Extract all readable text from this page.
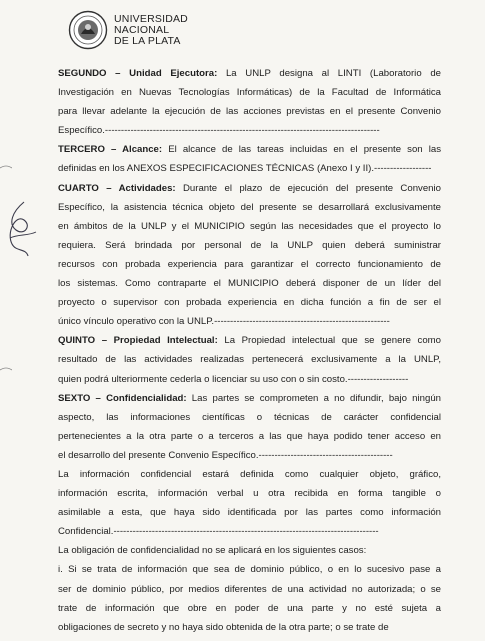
UNIVERSIDAD
NACIONAL
DE LA PLATA

SEGUNDO – Unidad Ejecutora: La UNLP designa al LINTI (Laboratorio de

Investigación en Nuevas Tecnologías Informáticas) de la Facultad de Informática

para llevar adelante la ejecución de las acciones previstas en el presente Convenio

Específico.--------------------------------------------------------------------------------------

TERCERO – Alcance: El alcance de las tareas incluidas en el presente son las

definidas en los ANEXOS ESPECIFICACIONES TÉCNICAS (Anexo I y II).------------------

CUARTO – Actividades: Durante el plazo de ejecución del presente Convenio

Específico, la asistencia técnica objeto del presente se desarrollará exclusivamente

en ámbitos de la UNLP y el MUNICIPIO según las necesidades que el proyecto lo

requiera. Será brindada por personal de la UNLP quien deberá suministrar

recursos con probada experiencia para garantizar el correcto funcionamiento de

los sistemas. Como contraparte el MUNICIPIO deberá disponer de un líder del

proyecto o supervisor con probada experiencia en dicha función a fin de ser el

único vínculo operativo con la UNLP.-------------------------------------------------------

QUINTO – Propiedad Intelectual: La Propiedad intelectual que se genere como

resultado de las actividades realizadas pertenecerá exclusivamente a la UNLP,

quien podrá ulteriormente cederla o licenciar su uso con o sin costo.-------------------

SEXTO – Confidencialidad: Las partes se comprometen a no difundir, bajo ningún

aspecto, las informaciones científicas o técnicas de carácter confidencial

pertenecientes a la otra parte o a terceros a las que haya podido tener acceso en

el desarrollo del presente Convenio Específico.------------------------------------------

La información confidencial estará definida como cualquier objeto, gráfico,

información escrita, información verbal u otra recibida en forma tangible o

asimilable a esta, que haya sido identificada por las partes como información

Confidencial.-----------------------------------------------------------------------------------

La obligación de confidencialidad no se aplicará en los siguientes casos:

i. Si se trata de información que sea de dominio público, o en lo sucesivo pase a

ser de dominio público, por medios diferentes de una actividad no autorizada; o se

trate de información que obre en poder de una parte y no esté sujeta a

obligaciones de secreto y no haya sido obtenida de la otra parte; o se trate de
